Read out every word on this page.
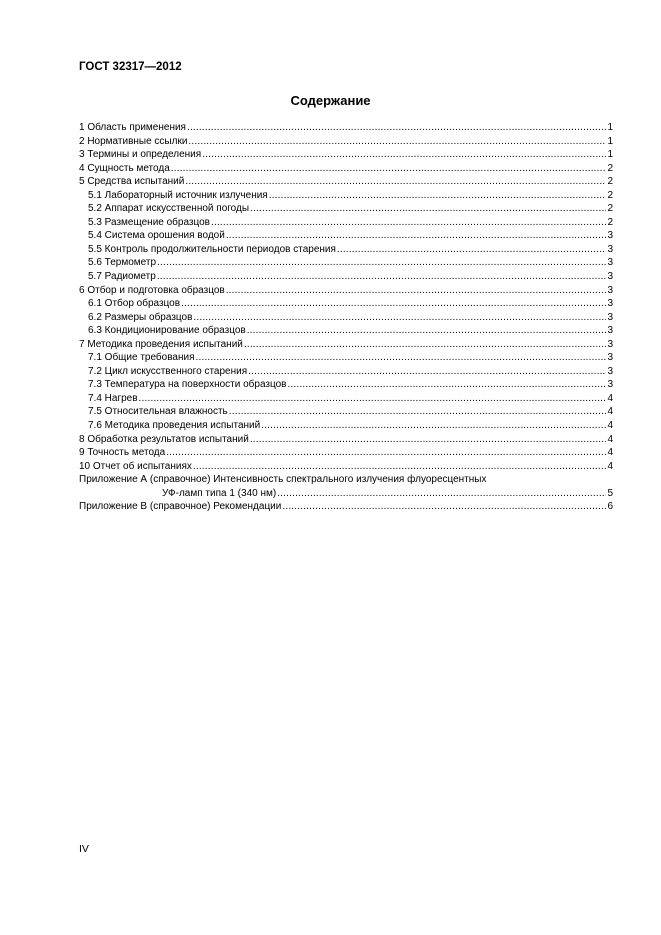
ГОСТ 32317—2012
Содержание
1 Область применения .....	1
2 Нормативные ссылки .....	1
3 Термины и определения .....	1
4 Сущность метода .....	2
5 Средства испытаний .....	2
5.1 Лабораторный источник излучения .....	2
5.2 Аппарат искусственной погоды .....	2
5.3 Размещение образцов .....	2
5.4 Система орошения водой .....	3
5.5 Контроль продолжительности периодов старения .....	3
5.6 Термометр .....	3
5.7 Радиометр .....	3
6 Отбор и подготовка образцов .....	3
6.1 Отбор образцов .....	3
6.2 Размеры образцов .....	3
6.3 Кондиционирование образцов .....	3
7 Методика проведения испытаний .....	3
7.1 Общие требования .....	3
7.2 Цикл искусственного старения .....	3
7.3 Температура на поверхности образцов .....	3
7.4 Нагрев .....	4
7.5 Относительная влажность .....	4
7.6 Методика проведения испытаний .....	4
8 Обработка результатов испытаний .....	4
9 Точность метода .....	4
10 Отчет об испытаниях .....	4
Приложение А (справочное) Интенсивность спектрального излучения флуоресцентных
УФ-ламп типа 1 (340 нм) .....	5
Приложение В (справочное) Рекомендации .....	6
IV
